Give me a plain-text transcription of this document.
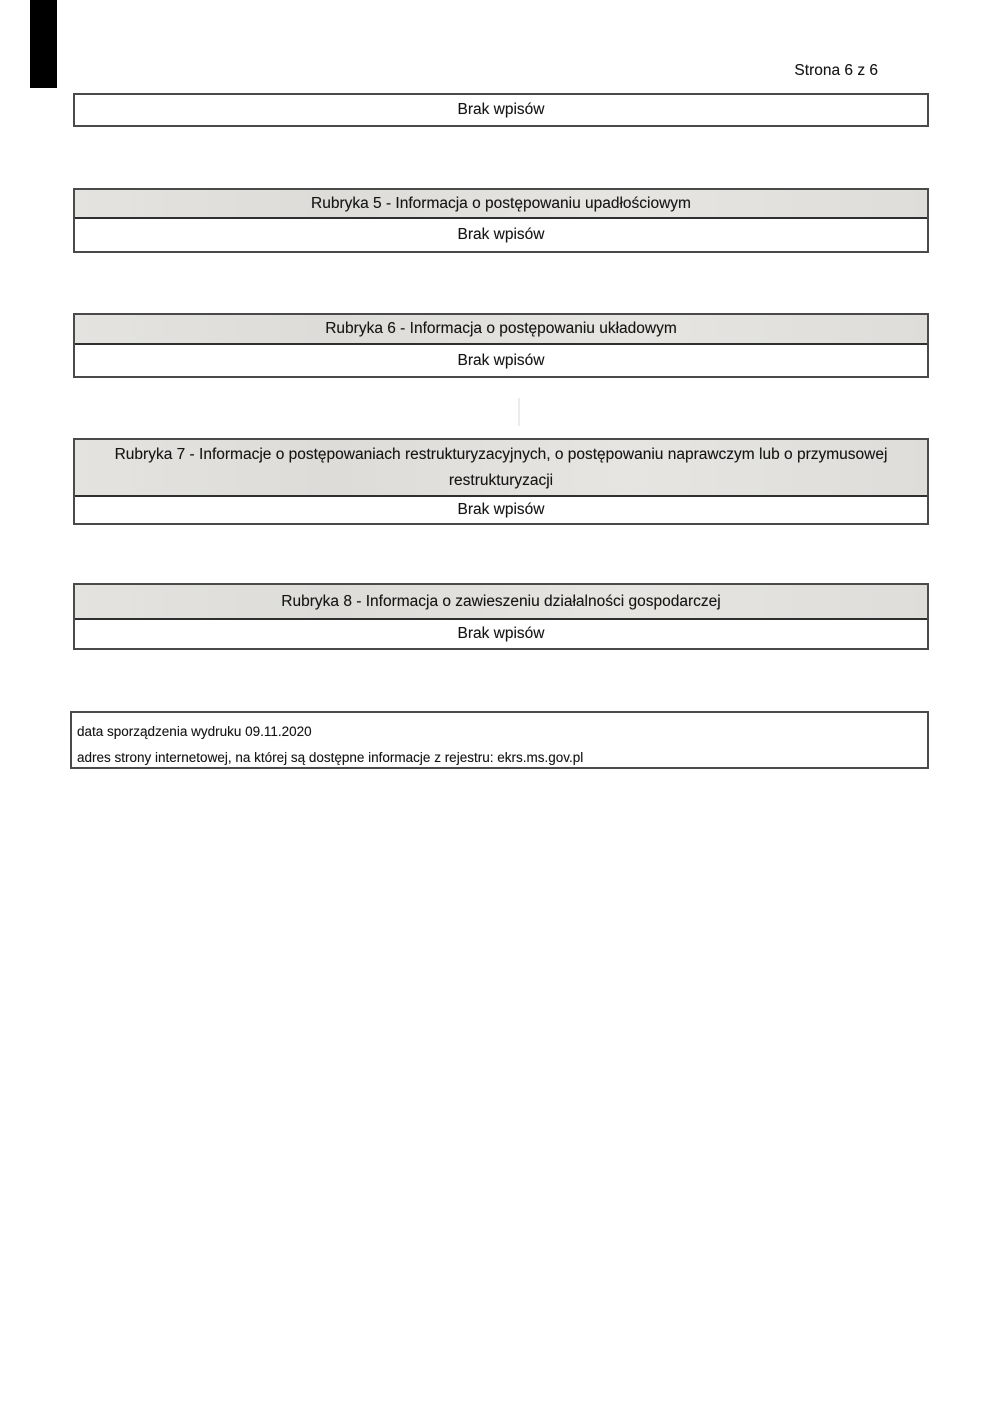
Strona 6 z 6
Brak wpisów
Rubryka 5 - Informacja o postępowaniu upadłościowym
Brak wpisów
Rubryka 6 - Informacja o postępowaniu układowym
Brak wpisów
Rubryka 7 - Informacje o postępowaniach restrukturyzacyjnych, o postępowaniu naprawczym lub o przymusowej restrukturyzacji
Brak wpisów
Rubryka 8 - Informacja o zawieszeniu działalności gospodarczej
Brak wpisów
data sporządzenia wydruku 09.11.2020
adres strony internetowej, na której są dostępne informacje z rejestru: ekrs.ms.gov.pl
